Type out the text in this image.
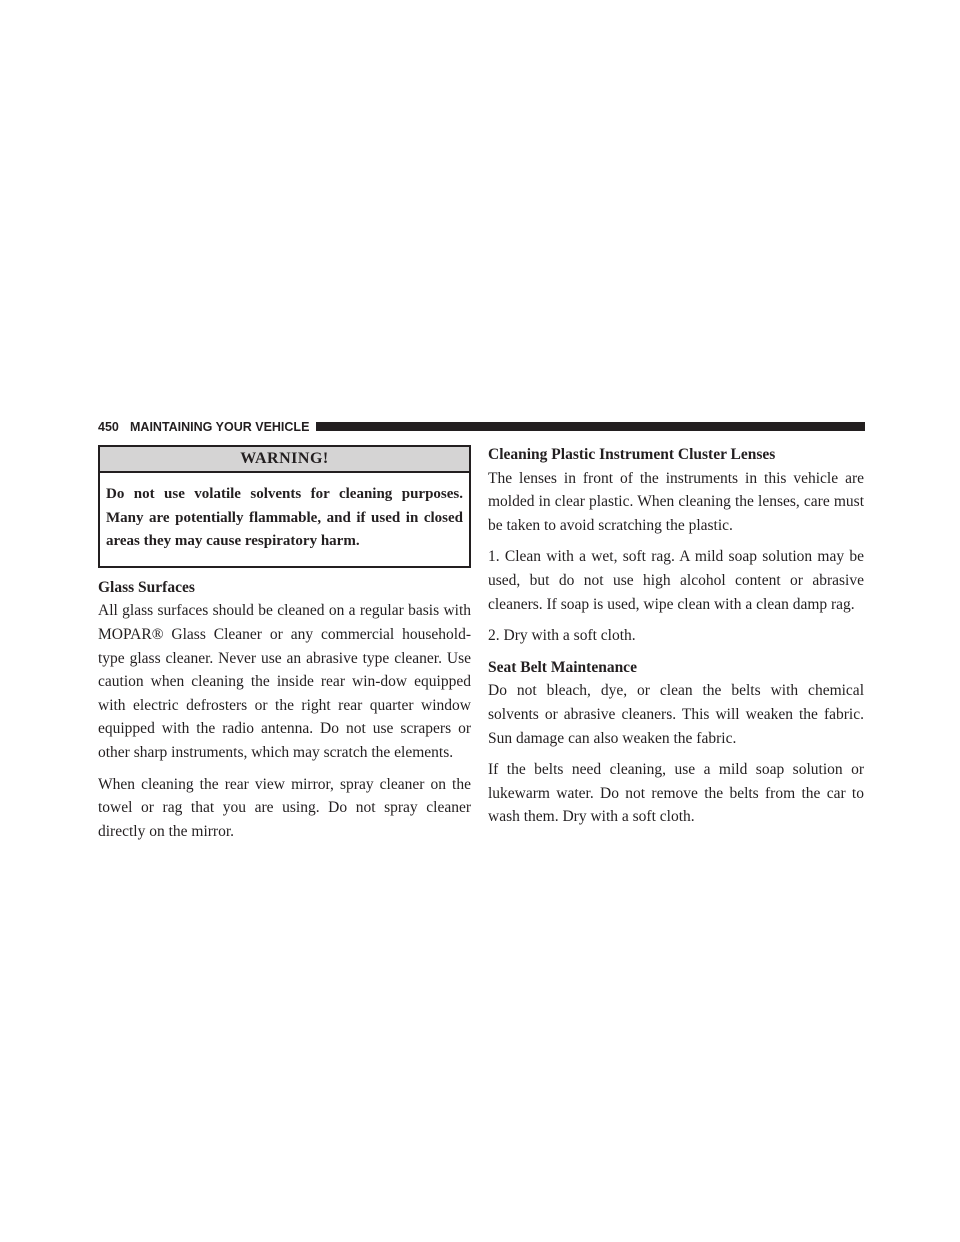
450 MAINTAINING YOUR VEHICLE
WARNING!
Do not use volatile solvents for cleaning purposes. Many are potentially flammable, and if used in closed areas they may cause respiratory harm.
Glass Surfaces

All glass surfaces should be cleaned on a regular basis with MOPAR® Glass Cleaner or any commercial household-type glass cleaner. Never use an abrasive type cleaner. Use caution when cleaning the inside rear win-dow equipped with electric defrosters or the right rear quarter window equipped with the radio antenna. Do not use scrapers or other sharp instruments, which may scratch the elements.

When cleaning the rear view mirror, spray cleaner on the towel or rag that you are using. Do not spray cleaner directly on the mirror.

Cleaning Plastic Instrument Cluster Lenses

The lenses in front of the instruments in this vehicle are molded in clear plastic. When cleaning the lenses, care must be taken to avoid scratching the plastic.

1. Clean with a wet, soft rag. A mild soap solution may be used, but do not use high alcohol content or abrasive cleaners. If soap is used, wipe clean with a clean damp rag.

2. Dry with a soft cloth.

Seat Belt Maintenance

Do not bleach, dye, or clean the belts with chemical solvents or abrasive cleaners. This will weaken the fabric. Sun damage can also weaken the fabric.

If the belts need cleaning, use a mild soap solution or lukewarm water. Do not remove the belts from the car to wash them. Dry with a soft cloth.
